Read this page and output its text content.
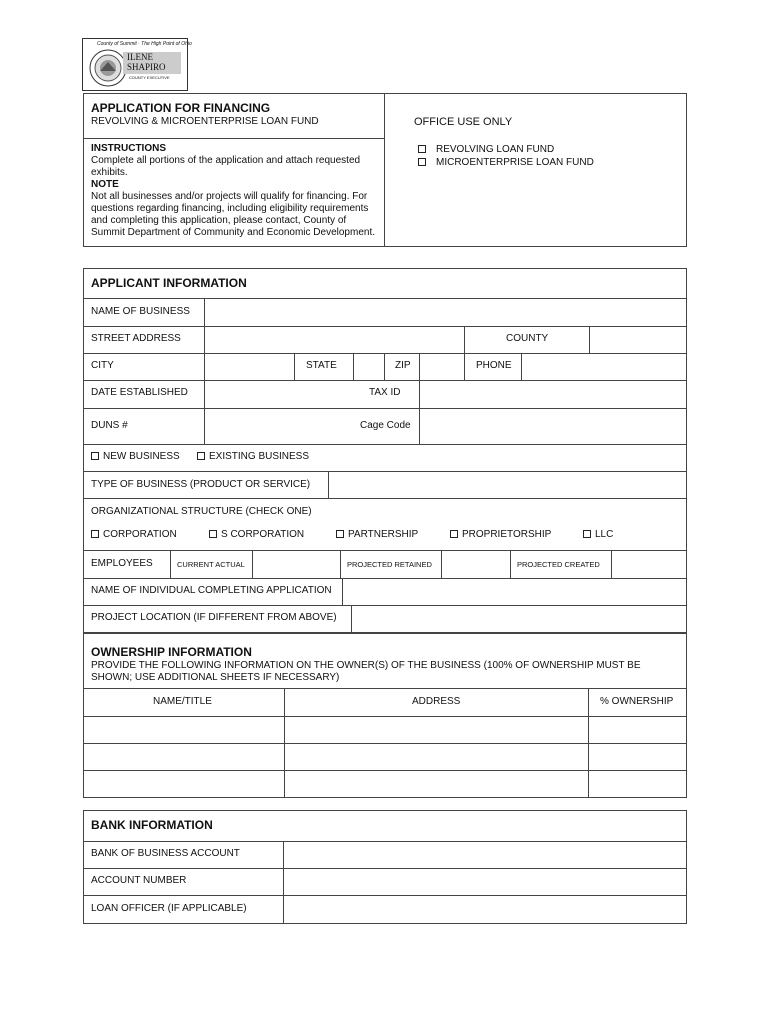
County of Summit · The High Point of Ohio
ILENE
SHAPIRO
COUNTY EXECUTIVE
APPLICATION FOR FINANCING
REVOLVING & MICROENTERPRISE LOAN FUND
INSTRUCTIONS
Complete all portions of the application and attach requested
exhibits.
NOTE
Not all businesses and/or projects will qualify for financing. For
questions regarding financing, including eligibility requirements
and completing this application, please contact, County of
Summit Department of Community and Economic Development.
OFFICE USE ONLY
REVOLVING LOAN FUND
MICROENTERPRISE LOAN FUND
APPLICANT INFORMATION
NAME OF BUSINESS
STREET ADDRESS	COUNTY
CITY	STATE	ZIP	PHONE
DATE ESTABLISHED	TAX ID
DUNS #	Cage Code
NEW BUSINESS	EXISTING BUSINESS
TYPE OF BUSINESS (PRODUCT OR SERVICE)
ORGANIZATIONAL STRUCTURE (CHECK ONE)
CORPORATION	S CORPORATION	PARTNERSHIP	PROPRIETORSHIP	LLC
EMPLOYEES	CURRENT ACTUAL	PROJECTED RETAINED	PROJECTED CREATED
NAME OF INDIVIDUAL COMPLETING APPLICATION
PROJECT LOCATION (IF DIFFERENT FROM ABOVE)
OWNERSHIP INFORMATION
PROVIDE THE FOLLOWING INFORMATION ON THE OWNER(S) OF THE BUSINESS (100% OF OWNERSHIP MUST BE
SHOWN; USE ADDITIONAL SHEETS IF NECESSARY)
NAME/TITLE	ADDRESS	% OWNERSHIP
BANK INFORMATION
BANK OF BUSINESS ACCOUNT
ACCOUNT NUMBER
LOAN OFFICER (IF APPLICABLE)
